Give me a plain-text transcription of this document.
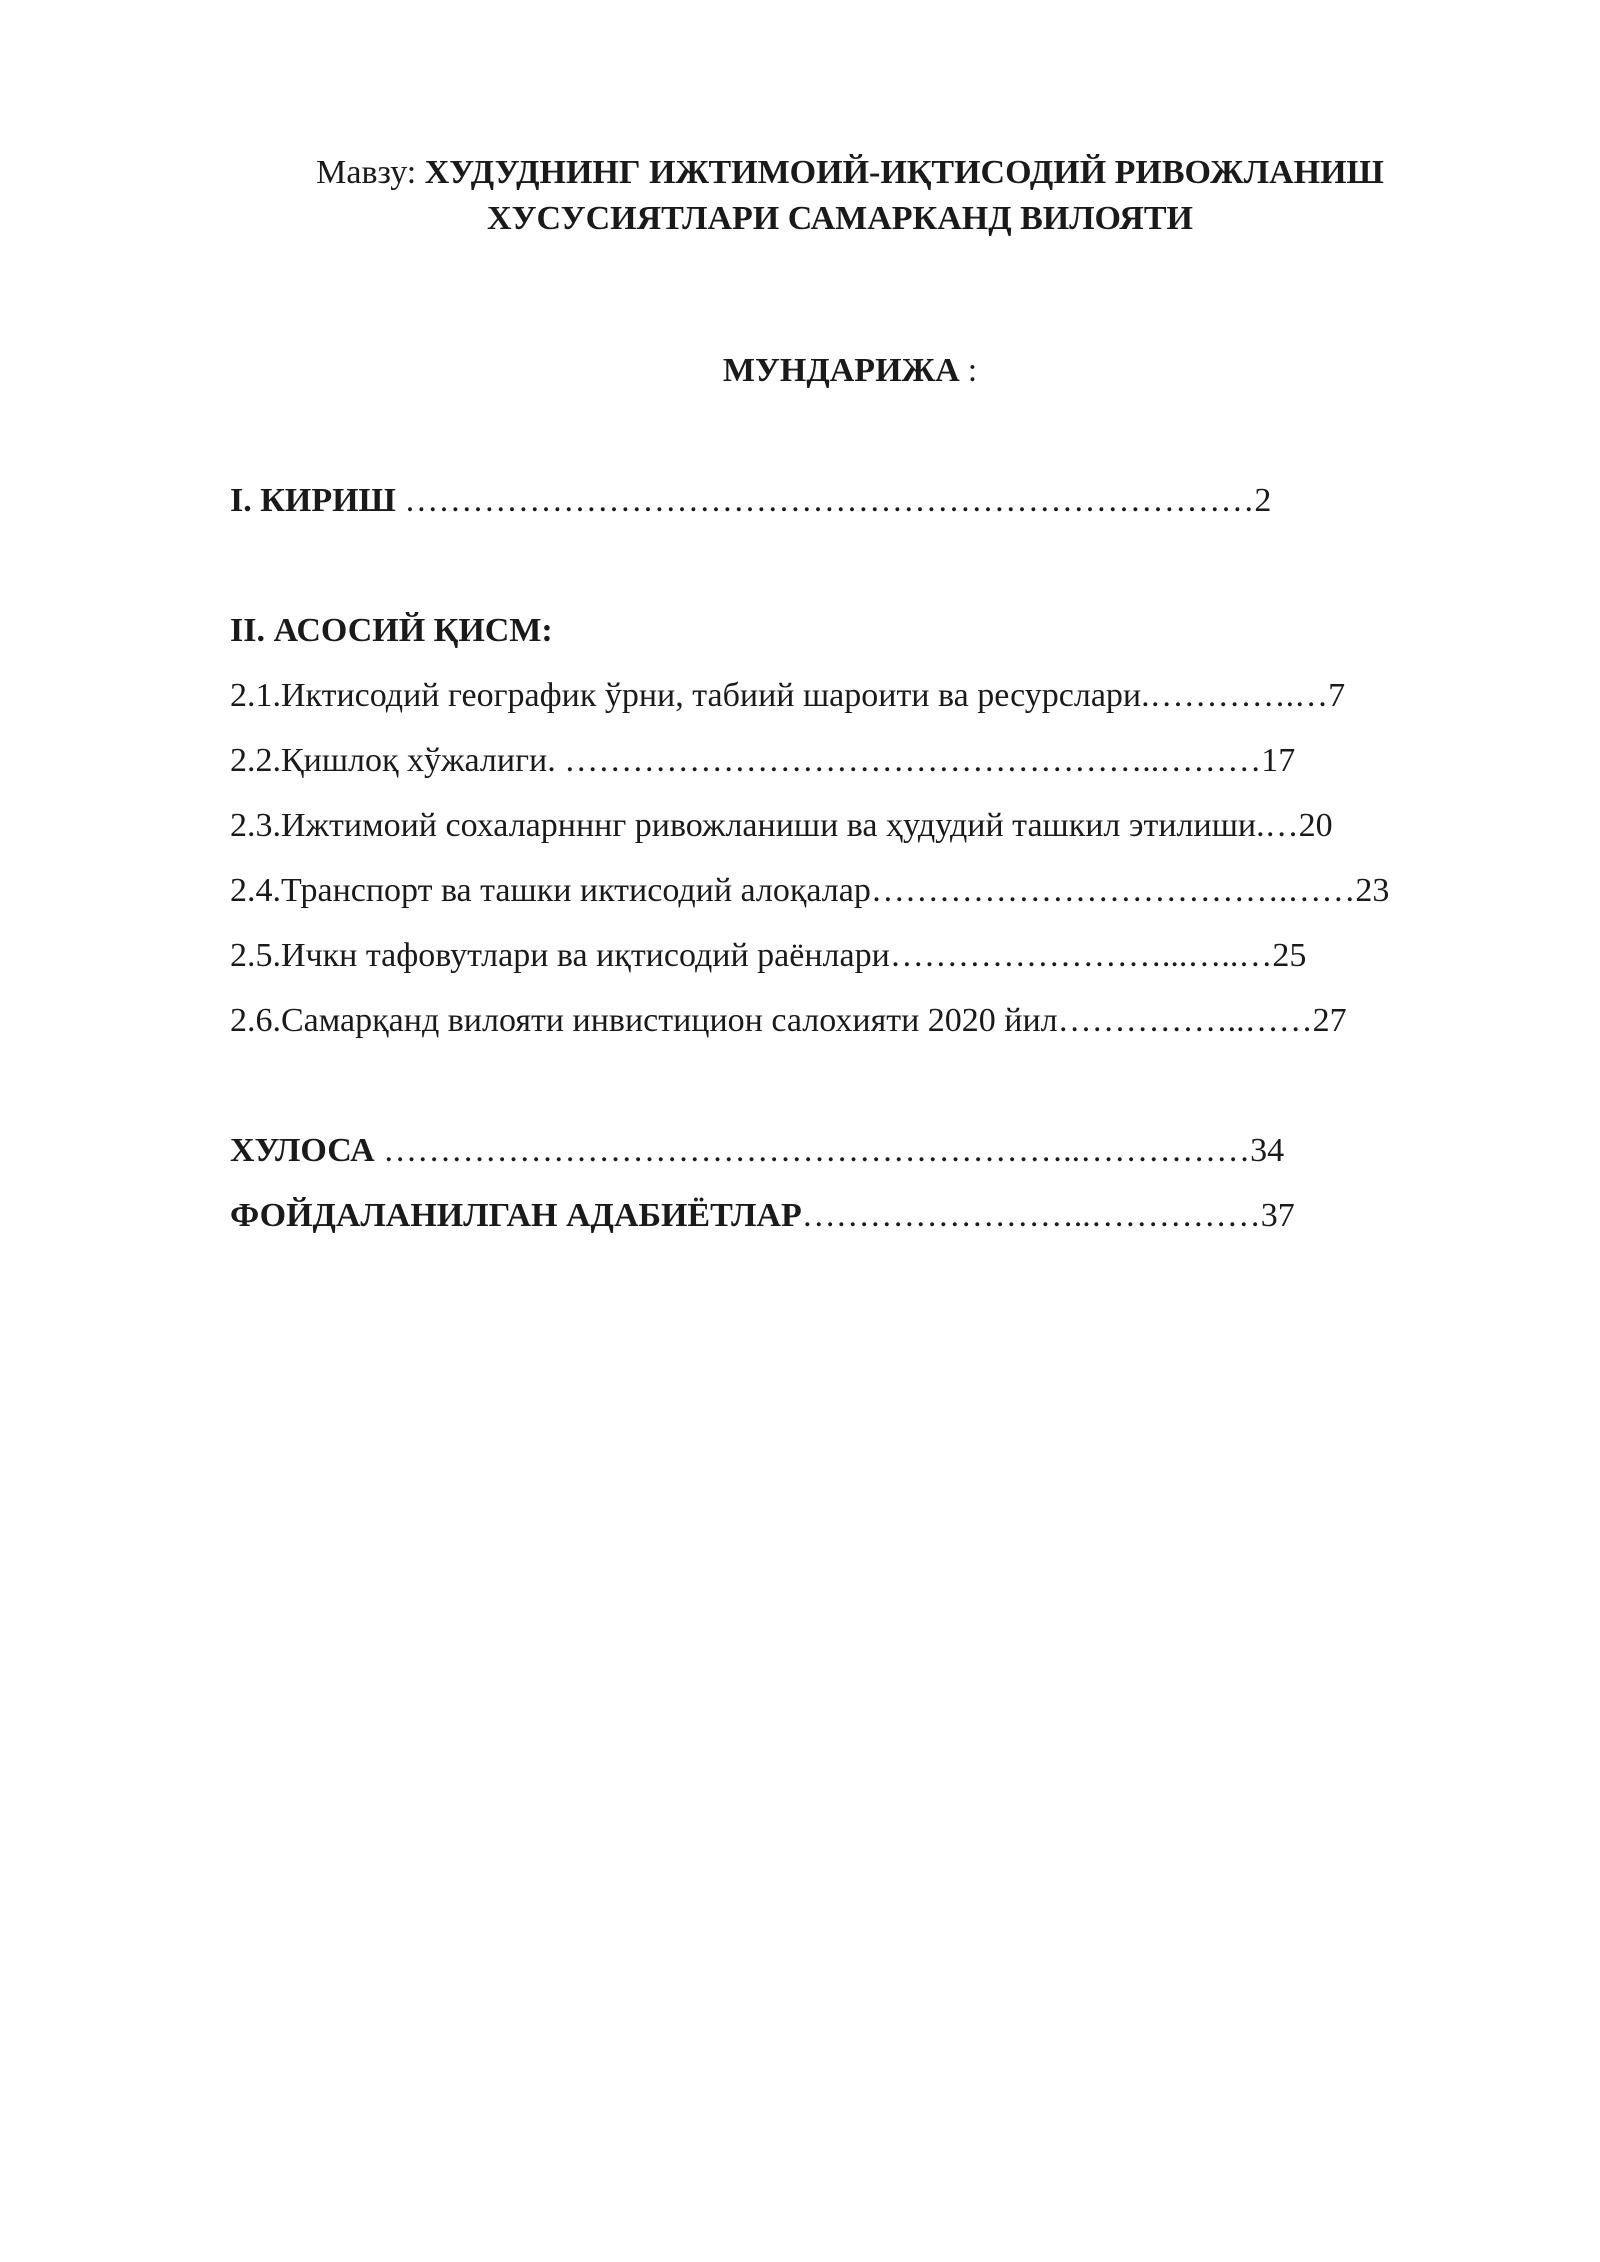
Мавзу: ХУДУДНИНГ ИЖТИМОИЙ-ИҚТИСОДИЙ РИВОЖЛАНИШ
ХУСУСИЯТЛАРИ САМАРКАНД ВИЛОЯТИ
МУНДАРИЖА :
I. КИРИШ …………………………………………………………………2
II. АСОСИЙ ҚИСМ:
2.1.Иктисодий географик ўрни, табиий шароити ва ресурслари.………….…7
2.2.Қишлоқ хўжалиги. ……………………………………………..………17
2.3.Ижтимоий сохаларнннг ривожланиши ва ҳудудий ташкил этилиши.…20
2.4.Транспорт ва ташки иктисодий алоқалар……………………………….……23
2.5.Ичкн тафовутлари ва иқтисодий раёнлари……………………...…..…25
2.6.Самарқанд вилояти инвистицион салохияти 2020 йил……………..……27
ХУЛОСА ……………………………………………………..……………34
ФОЙДАЛАНИЛГАН АДАБИЁТЛАР……………………..……………37
